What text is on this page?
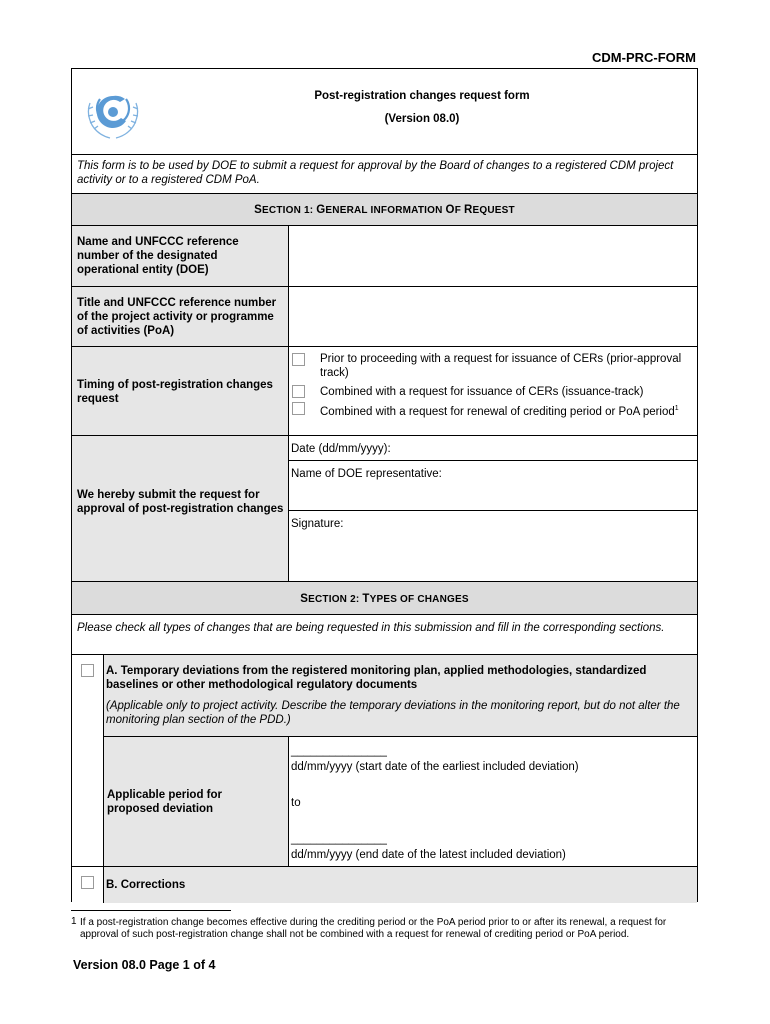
CDM-PRC-FORM
Post-registration changes request form
(Version 08.0)
This form is to be used by DOE to submit a request for approval by the Board of changes to a registered CDM project activity or to a registered CDM PoA.
SECTION 1: GENERAL INFORMATION OF REQUEST
Name and UNFCCC reference number of the designated operational entity (DOE)
Title and UNFCCC reference number of the project activity or programme of activities (PoA)
Timing of post-registration changes request
Prior to proceeding with a request for issuance of CERs (prior-approval track)
Combined with a request for issuance of CERs (issuance-track)
Combined with a request for renewal of crediting period or PoA period$^1$
We hereby submit the request for approval of post-registration changes
Date (dd/mm/yyyy):
Name of DOE representative:
Signature:
SECTION 2: TYPES OF CHANGES
Please check all types of changes that are being requested in this submission and fill in the corresponding sections.
A. Temporary deviations from the registered monitoring plan, applied methodologies, standardized baselines or other methodological regulatory documents
(Applicable only to project activity. Describe the temporary deviations in the monitoring report, but do not alter the monitoring plan section of the PDD.)
Applicable period for proposed deviation
_______________
dd/mm/yyyy (start date of the earliest included deviation)
to
_______________
dd/mm/yyyy (end date of the latest included deviation)
B. Corrections
1 If a post-registration change becomes effective during the crediting period or the PoA period prior to or after its renewal, a request for approval of such post-registration change shall not be combined with a request for renewal of crediting period or PoA period.
Version 08.0 Page 1 of 4
